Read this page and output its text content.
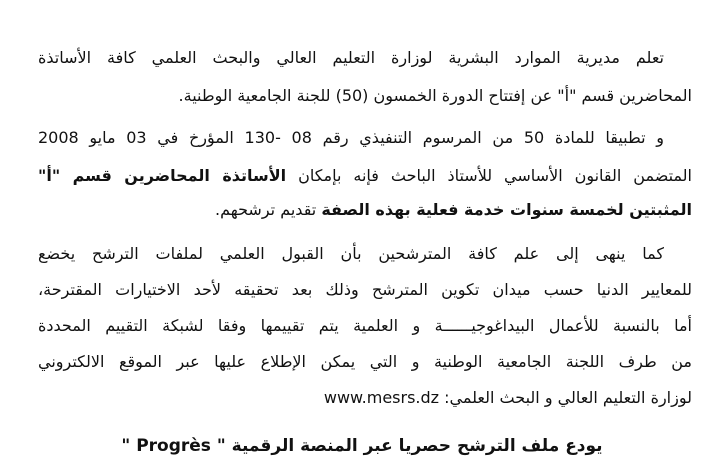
تعلم مديرية الموارد البشرية لوزارة التعليم العالي والبحث العلمي كافة الأساتذة
المحاضرين قسم "أ" عن إفتتاح الدورة الخمسون (50) للجنة الجامعية الوطنية.
و تطبيقا للمادة 50 من المرسوم التنفيذي رقم 08 -130 المؤرخ في 03 مايو 2008
المتضمن القانون الأساسي للأستاذ الباحث فإنه بإمكان الأساتذة المحاضرين قسم "أ"
المثبتين لخمسة سنوات خدمة فعلية بهذه الصفة تقديم ترشحهم.
كما ينهى إلى علم كافة المترشحين بأن القبول العلمي لملفات الترشح يخضع
للمعايير الدنيا حسب ميدان تكوين المترشح وذلك بعد تحقيقه لأحد الاختيارات المقترحة،
أما بالنسبة للأعمال البيداغوجيــــــة و العلمية يتم تقييمها وفقا لشبكة التقييم المحددة
من طرف اللجنة الجامعية الوطنية و التي يمكن الإطلاع عليها عبر الموقع الالكتروني
لوزارة التعليم العالي و البحث العلمي: www.mesrs.dz
يودع ملف الترشح حصريا عبر المنصة الرقمية " Progrès "
